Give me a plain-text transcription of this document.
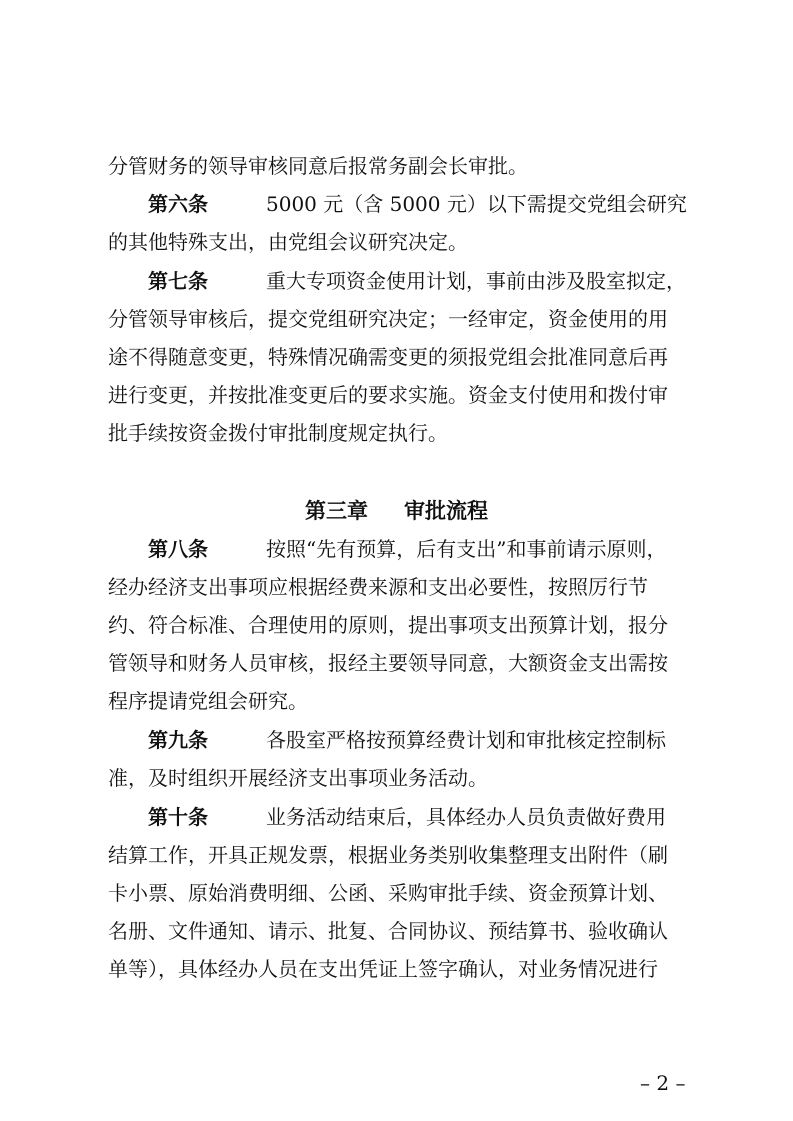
分管财务的领导审核同意后报常务副会长审批。
第六条	5000 元（含 5000 元）以下需提交党组会研究
的其他特殊支出，由党组会议研究决定。
第七条	重大专项资金使用计划，事前由涉及股室拟定，
分管领导审核后，提交党组研究决定；一经审定，资金使用的用
途不得随意变更，特殊情况确需变更的须报党组会批准同意后再
进行变更，并按批准变更后的要求实施。资金支付使用和拨付审
批手续按资金拨付审批制度规定执行。
第三章 审批流程
第八条	按照“先有预算，后有支出”和事前请示原则，
经办经济支出事项应根据经费来源和支出必要性，按照厉行节
约、符合标准、合理使用的原则，提出事项支出预算计划，报分
管领导和财务人员审核，报经主要领导同意，大额资金支出需按
程序提请党组会研究。
第九条	各股室严格按预算经费计划和审批核定控制标
准，及时组织开展经济支出事项业务活动。
第十条	业务活动结束后，具体经办人员负责做好费用
结算工作，开具正规发票，根据业务类别收集整理支出附件（刷
卡小票、原始消费明细、公函、采购审批手续、资金预算计划、
名册、文件通知、请示、批复、合同协议、预结算书、验收确认
单等），具体经办人员在支出凭证上签字确认，对业务情况进行
– 2 –
